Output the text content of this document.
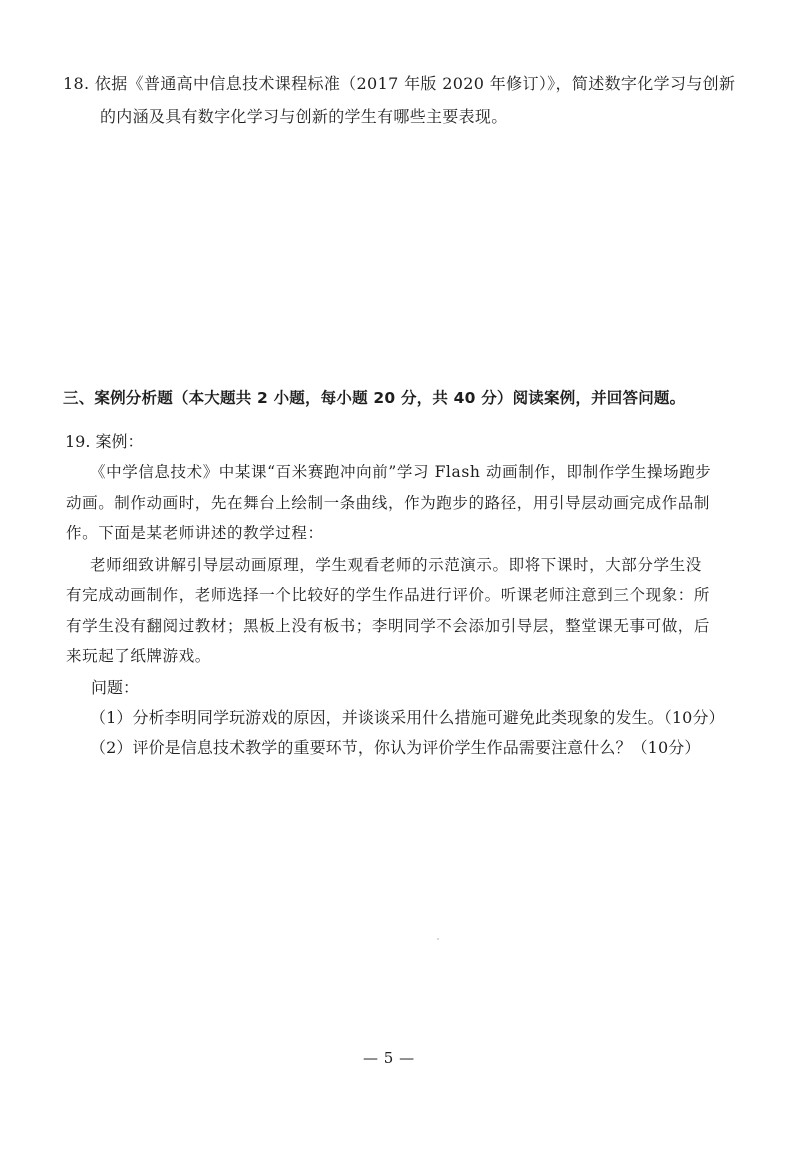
18. 依据《普通高中信息技术课程标准（2017 年版 2020 年修订）》，简述数字化学习与创新
的内涵及具有数字化学习与创新的学生有哪些主要表现。
三、案例分析题（本大题共 2 小题，每小题 20 分，共 40 分）阅读案例，并回答问题。
19. 案例：
《中学信息技术》中某课“百米赛跑冲向前”学习 Flash 动画制作，即制作学生操场跑步
动画。制作动画时，先在舞台上绘制一条曲线，作为跑步的路径，用引导层动画完成作品制
作。下面是某老师讲述的教学过程：
老师细致讲解引导层动画原理，学生观看老师的示范演示。即将下课时，大部分学生没
有完成动画制作，老师选择一个比较好的学生作品进行评价。听课老师注意到三个现象：所
有学生没有翻阅过教材；黑板上没有板书；李明同学不会添加引导层，整堂课无事可做，后
来玩起了纸牌游戏。
问题：
（1）分析李明同学玩游戏的原因，并谈谈采用什么措施可避免此类现象的发生。（10分）
（2）评价是信息技术教学的重要环节，你认为评价学生作品需要注意什么？（10分）
— 5 —
